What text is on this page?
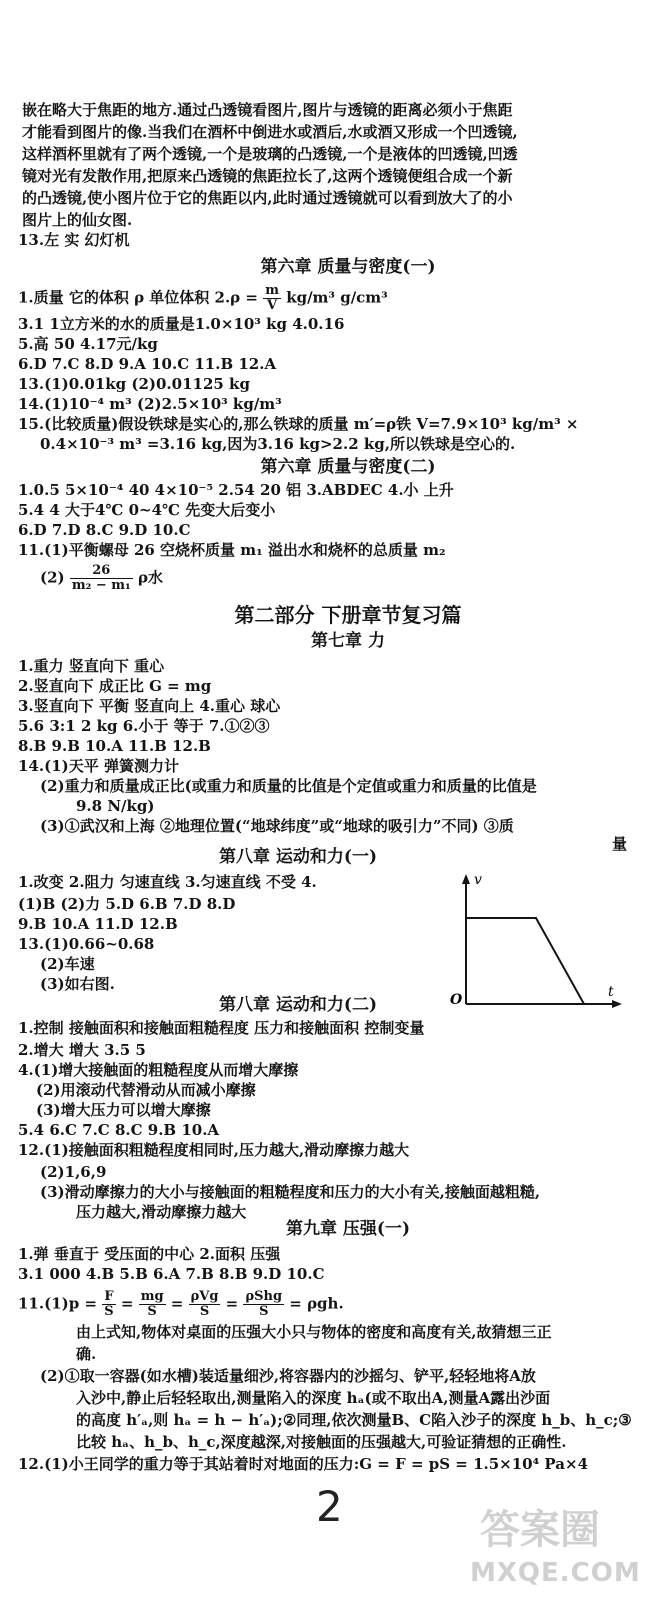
嵌在略大于焦距的地方.通过凸透镜看图片,图片与透镜的距离必须小于焦距
才能看到图片的像.当我们在酒杯中倒进水或酒后,水或酒又形成一个凹透镜,
这样酒杯里就有了两个透镜,一个是玻璃的凸透镜,一个是液体的凹透镜,凹透
镜对光有发散作用,把原来凸透镜的焦距拉长了,这两个透镜便组合成一个新
的凸透镜,使小图片位于它的焦距以内,此时通过透镜就可以看到放大了的小
图片上的仙女图.
13.左 实 幻灯机
第六章 质量与密度(一)
1.质量 它的体积 ρ 单位体积 $2.\rho = \frac{m}{V} kg/m^3$ g/cm³
3.1 1立方米的水的质量是1.0×10³ kg 4.0.16
5.高 50 4.17元/kg
6.D 7.C 8.D 9.A 10.C 11.B 12.A
13.(1)0.01kg (2)0.01125 kg
14.(1)10⁻⁴ m³ (2)2.5×10³ kg/m³
15.(比较质量)假设铁球是实心的,那么铁球的质量 m′=ρ铁 V=7.9×10³ kg/m³ ×
0.4×10⁻³ m³ =3.16 kg,因为3.16 kg>2.2 kg,所以铁球是空心的.
第六章 质量与密度(二)
1.0.5 5×10⁻⁴ 40 4×10⁻⁵ 2.54 20 铝 3.ABDEC 4.小 上升
5.4 4 大于4℃ 0~4℃ 先变大后变小
6.D 7.D 8.C 9.D 10.C
11.(1)平衡螺母 26 空烧杯质量 m₁ 溢出水和烧杯的总质量 m₂
$(2) \frac{26}{\text{m₂ − m₁}}$ ρ水
第二部分 下册章节复习篇
第七章 力
1.重力 竖直向下 重心
2.竖直向下 成正比 G = mg
3.竖直向下 平衡 竖直向上 4.重心 球心
5.6 3:1 2 kg 6.小于 等于 7.①②③
8.B 9.B 10.A 11.B 12.B
14.(1)天平 弹簧测力计
(2)重力和质量成正比(或重力和质量的比值是个定值或重力和质量的比值是
9.8 N/kg)
(3)①武汉和上海 ②地理位置(“地球纬度”或“地球的吸引力”不同) ③质
量
第八章 运动和力(一)
1.改变 2.阻力 匀速直线 3.匀速直线 不受 4.
(1)B (2)力 5.D 6.B 7.D 8.D
9.B 10.A 11.D 12.B
13.(1)0.66~0.68
(2)车速
(3)如右图.
v
t
O
第八章 运动和力(二)
1.控制 接触面积和接触面粗糙程度 压力和接触面积 控制变量
2.增大 增大 3.5 5
4.(1)增大接触面的粗糙程度从而增大摩擦
(2)用滚动代替滑动从而减小摩擦
(3)增大压力可以增大摩擦
5.4 6.C 7.C 8.C 9.B 10.A
12.(1)接触面积粗糙程度相同时,压力越大,滑动摩擦力越大
(2)1,6,9
(3)滑动摩擦力的大小与接触面的粗糙程度和压力的大小有关,接触面越粗糙,
压力越大,滑动摩擦力越大
第九章 压强(一)
1.弹 垂直于 受压面的中心 2.面积 压强
3.1 000 4.B 5.B 6.A 7.B 8.B 9.D 10.C
$11.(1)p = \frac{F}{S} = \frac{mg}{S} = \frac{\text{ρVg}}{S} = \frac{\text{ρShg}}{S} = \rho gh$.
由上式知,物体对桌面的压强大小只与物体的密度和高度有关,故猜想三正
确.
(2)①取一容器(如水槽)装适量细沙,将容器内的沙摇匀、铲平,轻轻地将A放
入沙中,静止后轻轻取出,测量陷入的深度 hₐ(或不取出A,测量A露出沙面
的高度 h′ₐ,则 hₐ = h − h′ₐ);②同理,依次测量B、C陷入沙子的深度 h_b、h_c;③
比较 hₐ、h_b、h_c,深度越深,对接触面的压强越大,可验证猜想的正确性.
12.(1)小王同学的重力等于其站着时对地面的压力:G = F = pS = 1.5×10⁴ Pa×4
2	答案圈
MXQE.COM
